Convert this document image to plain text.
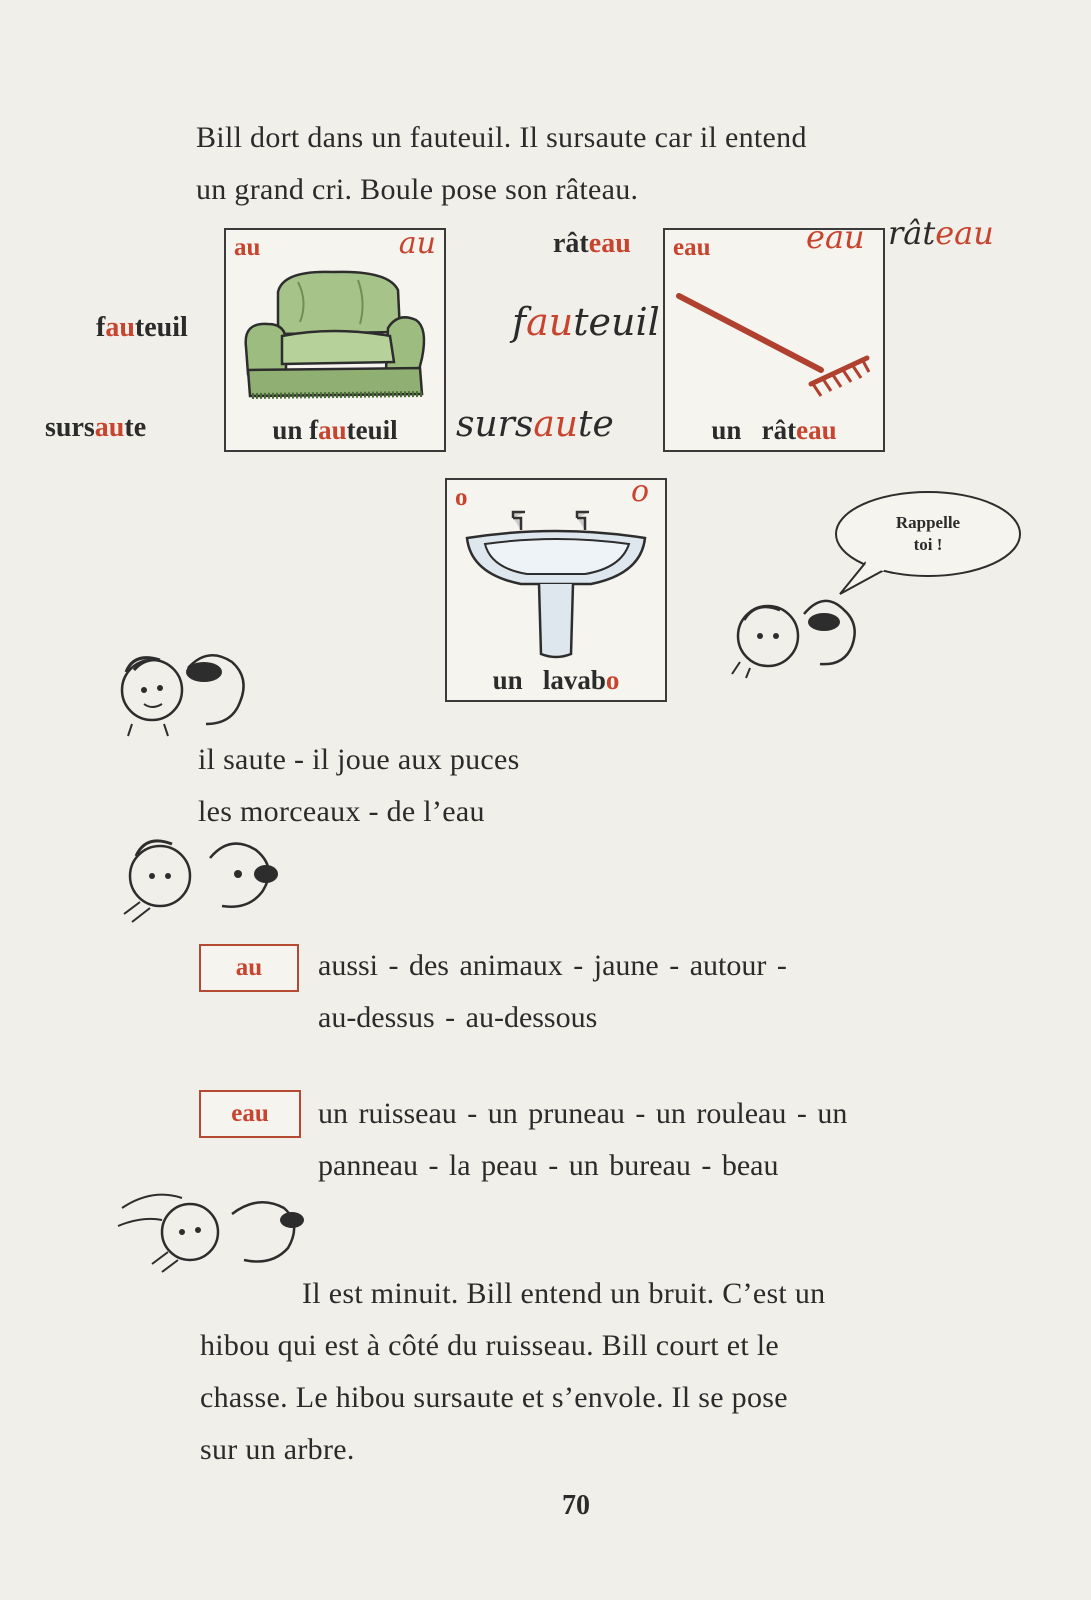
Bill dort dans un fauteuil. Il sursaute car il entend
un grand cri. Boule pose son râteau.
fauteuil
sursaute
râteau
fauteuil
sursaute
râteau
au	au
un fauteuil
eau
un râteau
eau
o	o
un lavabo
Rappelle
toi !
il saute - il joue aux puces
les morceaux - de l’eau
au	aussi - des animaux - jaune - autour -
au-dessus - au-dessous
eau	un ruisseau - un pruneau - un rouleau - un
panneau - la peau - un bureau - beau
Il est minuit. Bill entend un bruit. C’est un
hibou qui est à côté du ruisseau. Bill court et le
chasse. Le hibou sursaute et s’envole. Il se pose
sur un arbre.
70
